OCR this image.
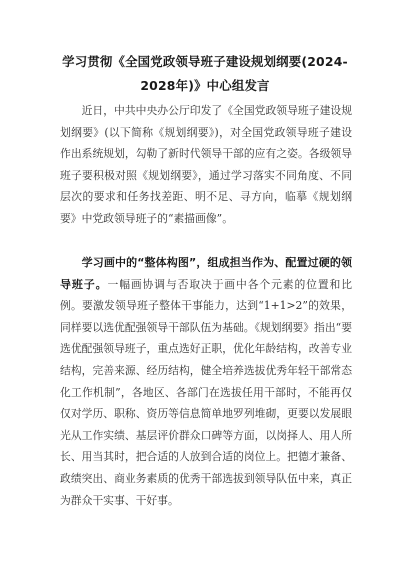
学习贯彻《全国党政领导班子建设规划纲要(2024-2028年)》中心组发言
近日，中共中央办公厅印发了《全国党政领导班子建设规划纲要》(以下简称《规划纲要》)，对全国党政领导班子建设作出系统规划，勾勒了新时代领导干部的应有之姿。各级领导班子要积极对照《规划纲要》，通过学习落实不同角度、不同层次的要求和任务找差距、明不足、寻方向，临摹《规划纲要》中党政领导班子的“素描画像”。
学习画中的“整体构图”，组成担当作为、配置过硬的领导班子。一幅画协调与否取决于画中各个元素的位置和比例。要激发领导班子整体干事能力，达到“1+1>2”的效果，同样要以选优配强领导干部队伍为基础。《规划纲要》指出“要选优配强领导班子，重点选好正职，优化年龄结构，改善专业结构，完善来源、经历结构，健全培养选拔优秀年轻干部常态化工作机制”，各地区、各部门在选拔任用干部时，不能再仅仅对学历、职称、资历等信息简单地罗列堆砌，更要以发展眼光从工作实绩、基层评价群众口碑等方面，以岗择人、用人所长、用当其时，把合适的人放到合适的岗位上。把德才兼备、政绩突出、商业务素质的优秀干部选拔到领导队伍中来，真正为群众干实事、干好事。
